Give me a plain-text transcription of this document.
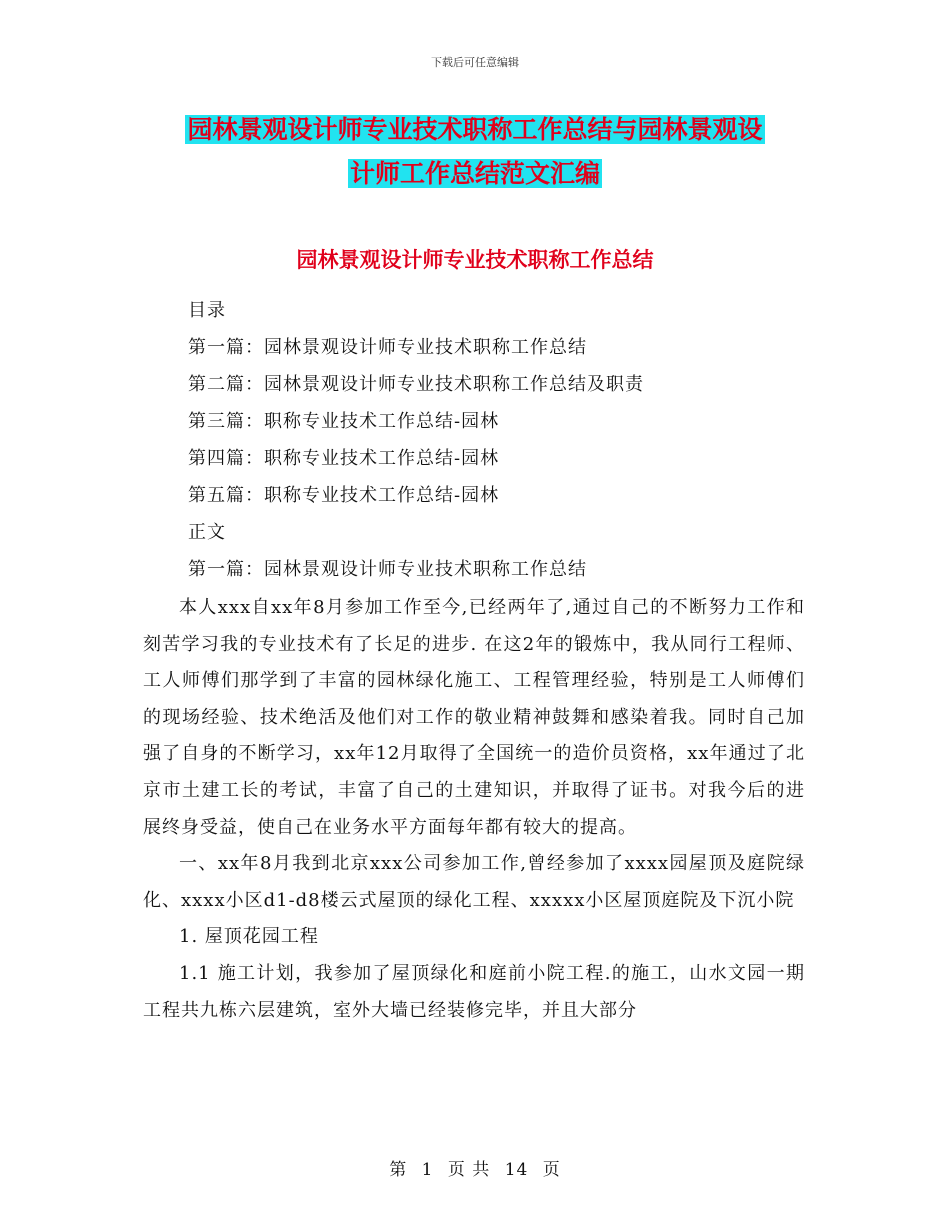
下载后可任意编辑
园林景观设计师专业技术职称工作总结与园林景观设
计师工作总结范文汇编
园林景观设计师专业技术职称工作总结
目录
第一篇：园林景观设计师专业技术职称工作总结
第二篇：园林景观设计师专业技术职称工作总结及职责
第三篇：职称专业技术工作总结-园林
第四篇：职称专业技术工作总结-园林
第五篇：职称专业技术工作总结-园林
正文
第一篇：园林景观设计师专业技术职称工作总结

本人xxx自xx年8月参加工作至今,已经两年了,通过自己的不断努力工作和刻苦学习我的专业技术有了长足的进步. 在这2年的锻炼中，我从同行工程师、工人师傅们那学到了丰富的园林绿化施工、工程管理经验，特别是工人师傅们的现场经验、技术绝活及他们对工作的敬业精神鼓舞和感染着我。同时自己加强了自身的不断学习，xx年12月取得了全国统一的造价员资格，xx年通过了北京市土建工长的考试，丰富了自己的土建知识，并取得了证书。对我今后的进展终身受益，使自己在业务水平方面每年都有较大的提高。

一、xx年8月我到北京xxx公司参加工作,曾经参加了xxxx园屋顶及庭院绿化、xxxx小区d1-d8楼云式屋顶的绿化工程、xxxxx小区屋顶庭院及下沉小院

1. 屋顶花园工程

1.1 施工计划，我参加了屋顶绿化和庭前小院工程.的施工，山水文园一期工程共九栋六层建筑，室外大墙已经装修完毕，并且大部分

第 1 页 共 14 页
